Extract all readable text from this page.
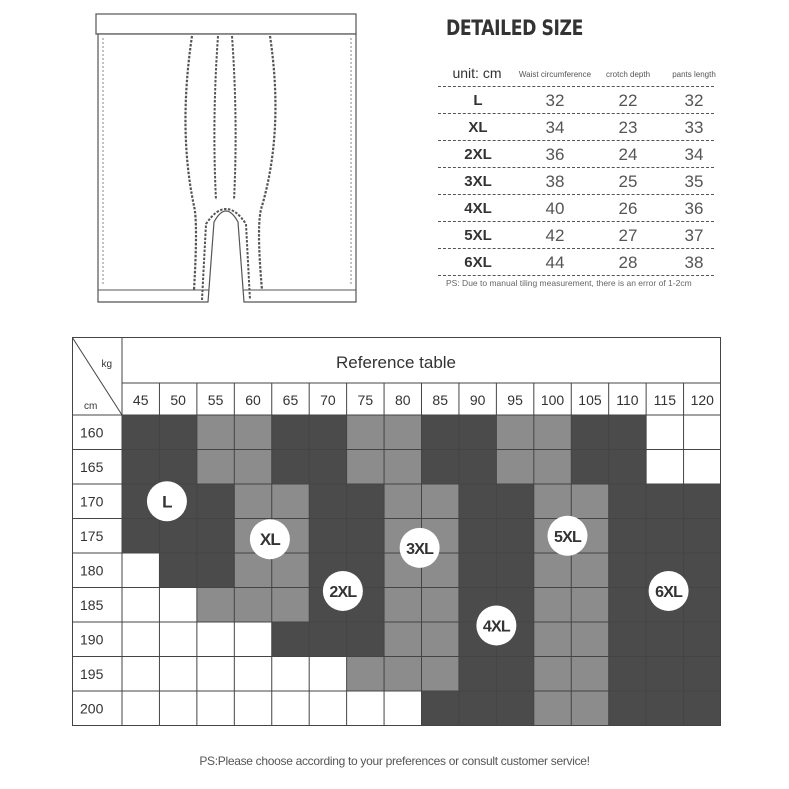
DETAILED SIZE
unit: cm	Waist circumference	crotch depth	pants length
L	32	22	32
XL	34	23	33
2XL	36	24	34
3XL	38	25	35
4XL	40	26	36
5XL	42	27	37
6XL	44	28	38
PS: Due to manual tiling measurement, there is an error of 1-2cm
Reference table
kg
cm	45 50 55 60 65 70 75 80 85 90 95 100 105 110 115 120
160
165
170
175
180
185
190
195
200
L
XL
2XL
3XL
4XL
5XL
6XL
PS:Please choose according to your preferences or consult customer service!
